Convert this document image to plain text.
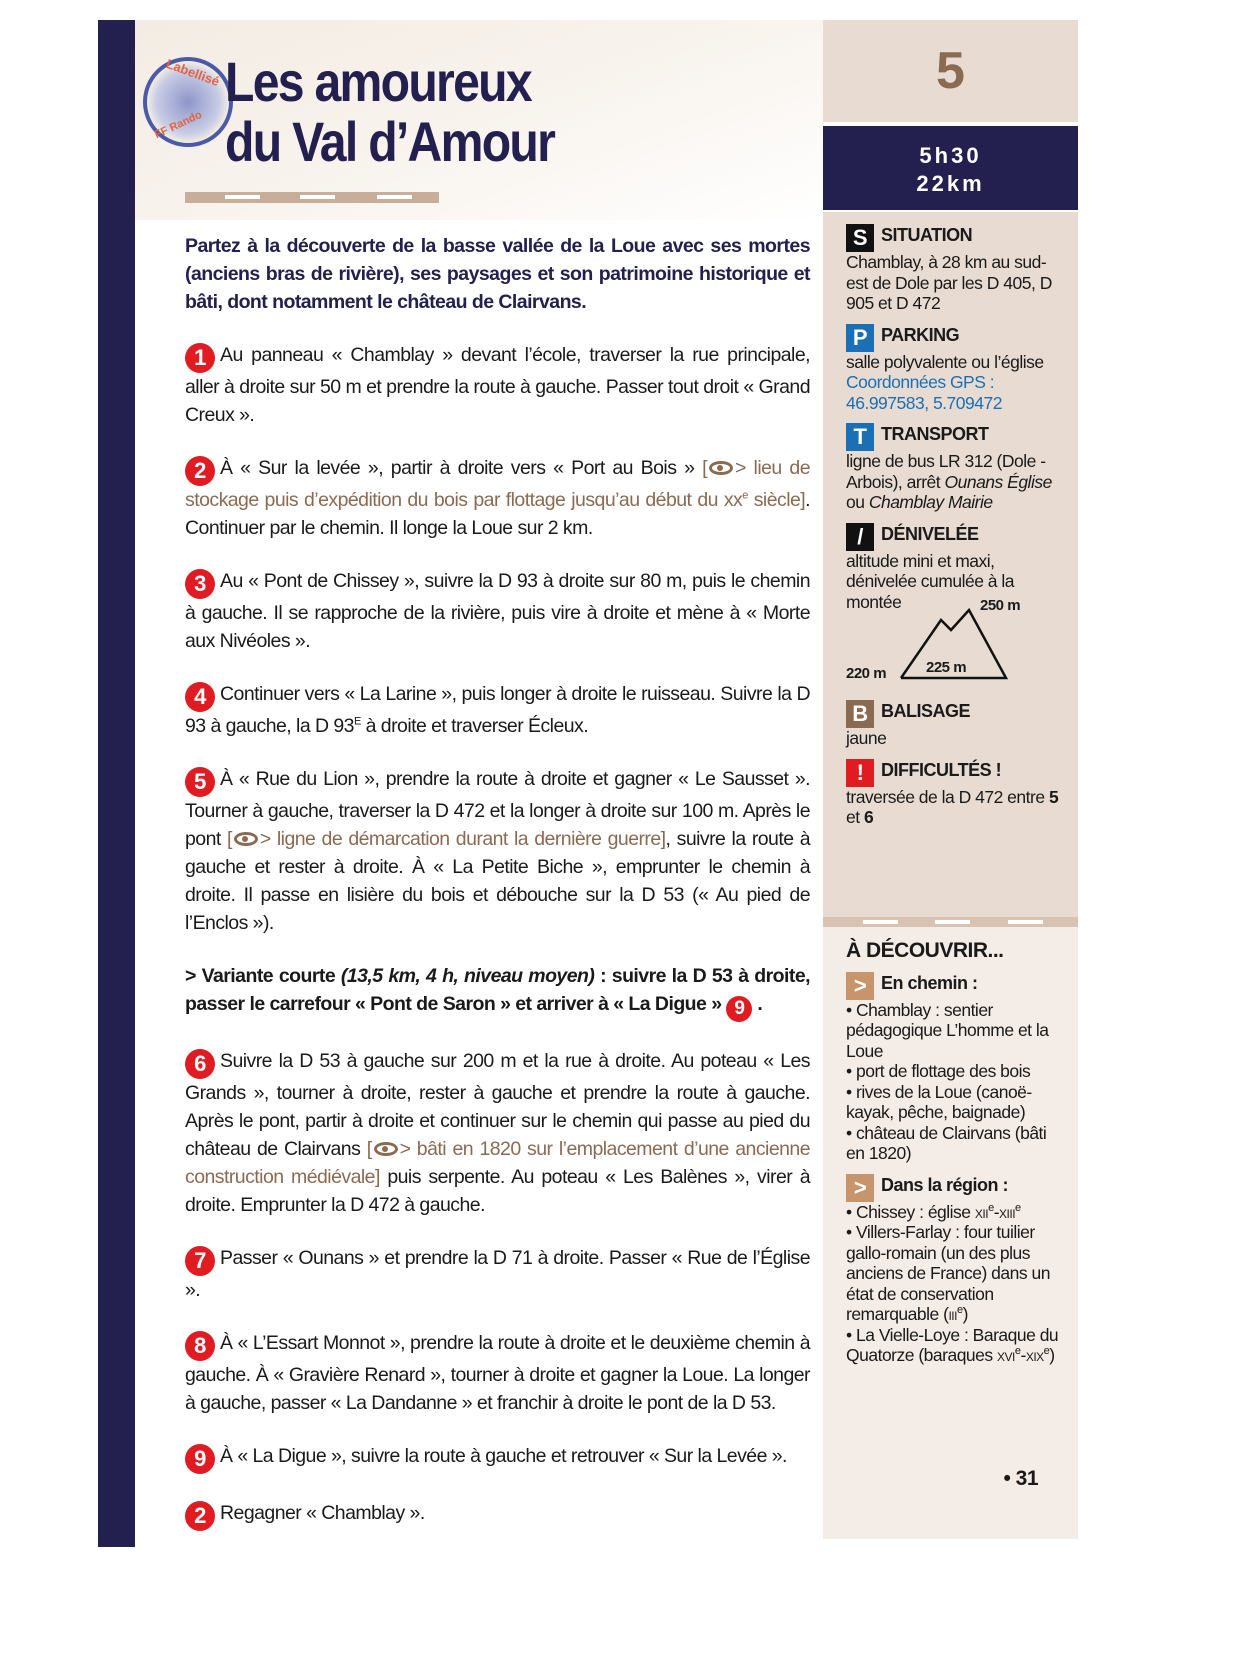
Labellisé
FF Rando
Les amoureux
du Val d’Amour

Partez à la découverte de la basse vallée de la Loue avec ses mortes (anciens bras de rivière), ses paysages et son patrimoine historique et bâti, dont notamment le château de Clairvans.

1 Au panneau « Chamblay » devant l’école, traverser la rue principale, aller à droite sur 50 m et prendre la route à gauche. Passer tout droit « Grand Creux ».

2 À « Sur la levée », partir à droite vers « Port au Bois » [ > lieu de stockage puis d’expédition du bois par flottage jusqu’au début du $xx^e$ siècle]. Continuer par le chemin. Il longe la Loue sur 2 km.

3 Au « Pont de Chissey », suivre la D 93 à droite sur 80 m, puis le chemin à gauche. Il se rapproche de la rivière, puis vire à droite et mène à « Morte aux Nivéoles ».

4 Continuer vers « La Larine », puis longer à droite le ruisseau. Suivre la D 93 à gauche, la D $93^E$ à droite et traverser Écleux.

5 À « Rue du Lion », prendre la route à droite et gagner « Le Sausset ». Tourner à gauche, traverser la D 472 et la longer à droite sur 100 m. Après le pont [ > ligne de démarcation durant la dernière guerre], suivre la route à gauche et rester à droite. À « La Petite Biche », emprunter le chemin à droite. Il passe en lisière du bois et débouche sur la D 53 (« Au pied de l’Enclos »).

> Variante courte (13,5 km, 4 h, niveau moyen) : suivre la D 53 à droite, passer le carrefour « Pont de Saron » et arriver à « La Digue » 9 .

6 Suivre la D 53 à gauche sur 200 m et la rue à droite. Au poteau « Les Grands », tourner à droite, rester à gauche et prendre la route à gauche. Après le pont, partir à droite et continuer sur le chemin qui passe au pied du château de Clairvans [ > bâti en 1820 sur l’emplacement d’une ancienne construction médiévale] puis serpente. Au poteau « Les Balènes », virer à droite. Emprunter la D 472 à gauche.

7 Passer « Ounans » et prendre la D 71 à droite. Passer « Rue de l’Église ».

8 À « L’Essart Monnot », prendre la route à droite et le deuxième chemin à gauche. À « Gravière Renard », tourner à droite et gagner la Loue. La longer à gauche, passer « La Dandanne » et franchir à droite le pont de la D 53.

9 À « La Digue », suivre la route à gauche et retrouver « Sur la Levée ».

2 Regagner « Chamblay ».

5
5h30
22km
S SITUATION
Chamblay, à 28 km au sud-est de Dole par les D 405, D 905 et D 472
P PARKING
salle polyvalente ou l’église
Coordonnées GPS :
46.997583, 5.709472
T TRANSPORT
ligne de bus LR 312 (Dole - Arbois), arrêt Ounans Église ou Chamblay Mairie
/ DÉNIVELÉE
altitude mini et maxi, dénivelée cumulée à la montée	250 m
220 m	225 m
B BALISAGE
jaune
! DIFFICULTÉS !
traversée de la D 472 entre 5 et 6
À DÉCOUVRIR...
> En chemin :
• Chamblay : sentier pédagogique L’homme et la Loue
• port de flottage des bois
• rives de la Loue (canoë-kayak, pêche, baignade)
• château de Clairvans (bâti en 1820)
> Dans la région :
• Chissey : église xii$^e$-xiii$^e$
• Villers-Farlay : four tuilier gallo-romain (un des plus anciens de France) dans un état de conservation remarquable (iii$^e$)
• La Vielle-Loye : Baraque du Quatorze (baraques xvi$^e$-xix$^e$)
• 31
